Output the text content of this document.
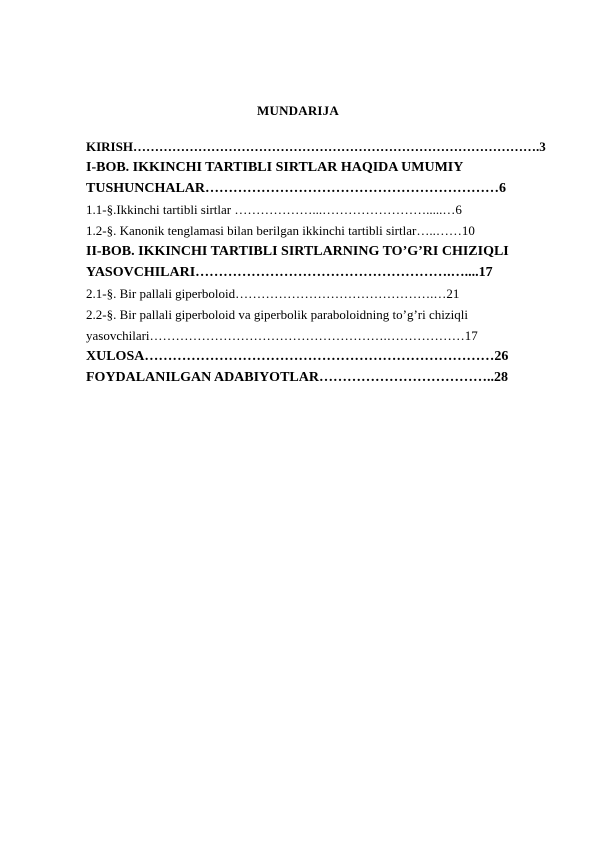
MUNDARIJA
KIRISH………………………………………………………………………………….3
I-BOB. IKKINCHI TARTIBLI SIRTLAR HAQIDA UMUMIY
TUSHUNCHALAR………………………………………………………6
1.1-§.Ikkinchi tartibli sirtlar ………………...…………………….....…6
1.2-§. Kanonik tenglamasi bilan berilgan ikkinchi tartibli sirtlar…..……10
II-BOB. IKKINCHI TARTIBLI SIRTLARNING TO’G’RI CHIZIQLI
YASOVCHILARI……………………………………………….…....17
2.1-§. Bir pallali giperboloid……………………………………….…21
2.2-§. Bir pallali giperboloid va giperbolik paraboloidning to’g’ri chiziqli
yasovchilari……………………………………………….………………17
XULOSA…………………………………………………………………26
FOYDALANILGAN ADABIYOTLAR………………………………..28
